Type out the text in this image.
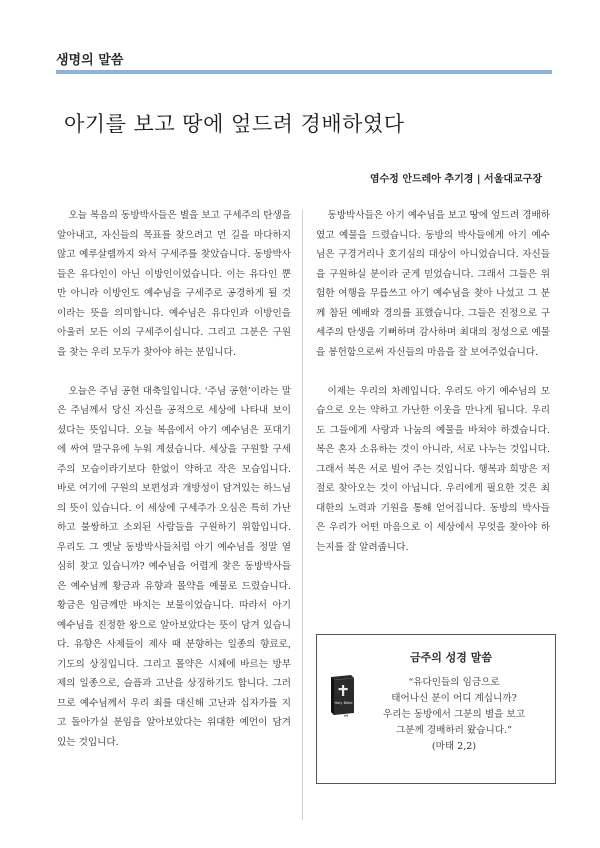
생명의 말씀
아기를 보고 땅에 엎드려 경배하였다
염수정 안드레아 추기경 | 서울대교구장

오늘 복음의 동방박사들은 별을 보고 구세주의 탄생을 알아내고, 자신들의 목표를 찾으려고 먼 길을 마다하지 않고 예루살렘까지 와서 구세주를 찾았습니다. 동방박사들은 유다인이 아닌 이방인이었습니다. 이는 유다인 뿐만 아니라 이방인도 예수님을 구세주로 공경하게 될 것이라는 뜻을 의미합니다. 예수님은 유다인과 이방인을 아울러 모든 이의 구세주이십니다. 그리고 그분은 구원을 찾는 우리 모두가 찾아야 하는 분입니다.

오늘은 주님 공현 대축일입니다. ‘주님 공현’이라는 말은 주님께서 당신 자신을 공적으로 세상에 나타내 보이셨다는 뜻입니다. 오늘 복음에서 아기 예수님은 포대기에 싸여 말구유에 누워 계셨습니다. 세상을 구원할 구세주의 모습이라기보다 한없이 약하고 작은 모습입니다. 바로 여기에 구원의 보편성과 개방성이 담겨있는 하느님의 뜻이 있습니다. 이 세상에 구세주가 오심은 특히 가난하고 불쌍하고 소외된 사람들을 구원하기 위함입니다. 우리도 그 옛날 동방박사들처럼 아기 예수님을 정말 열심히 찾고 있습니까? 예수님을 어렵게 찾은 동방박사들은 예수님께 황금과 유향과 몰약을 예물로 드렸습니다. 황금은 임금께만 바치는 보물이었습니다. 따라서 아기 예수님을 진정한 왕으로 알아보았다는 뜻이 담겨 있습니다. 유향은 사제들이 제사 때 분향하는 일종의 향료로, 기도의 상징입니다. 그리고 몰약은 시체에 바르는 방부제의 일종으로, 슬픔과 고난을 상징하기도 합니다. 그러므로 예수님께서 우리 죄를 대신해 고난과 십자가를 지고 돌아가실 분임을 알아보았다는 위대한 예언이 담겨 있는 것입니다.

동방박사들은 아기 예수님을 보고 땅에 엎드려 경배하였고 예물을 드렸습니다. 동방의 박사들에게 아기 예수님은 구경거리나 호기심의 대상이 아니었습니다. 자신들을 구원하실 분이라 굳게 믿었습니다. 그래서 그들은 위험한 여행을 무릅쓰고 아기 예수님을 찾아 나섰고 그 분께 참된 예배와 경의를 표했습니다. 그들은 진정으로 구세주의 탄생을 기뻐하며 감사하며 최대의 정성으로 예물을 봉헌함으로써 자신들의 마음을 잘 보여주었습니다.

이제는 우리의 차례입니다. 우리도 아기 예수님의 모습으로 오는 약하고 가난한 이웃을 만나게 됩니다. 우리도 그들에게 사랑과 나눔의 예물을 바쳐야 하겠습니다. 복은 혼자 소유하는 것이 아니라, 서로 나누는 것입니다. 그래서 복은 서로 빌어 주는 것입니다. 행복과 희망은 저절로 찾아오는 것이 아닙니다. 우리에게 필요한 것은 최대한의 노력과 기원을 통해 얻어집니다. 동방의 박사들은 우리가 어떤 마음으로 이 세상에서 무엇을 찾아야 하는지를 잘 알려줍니다.

금주의 성경 말씀
Holy Bible
“유다인들의 임금으로
태어나신 분이 어디 계십니까?
우리는 동방에서 그분의 별을 보고
그분께 경배하러 왔습니다.”
(마태 2,2)
